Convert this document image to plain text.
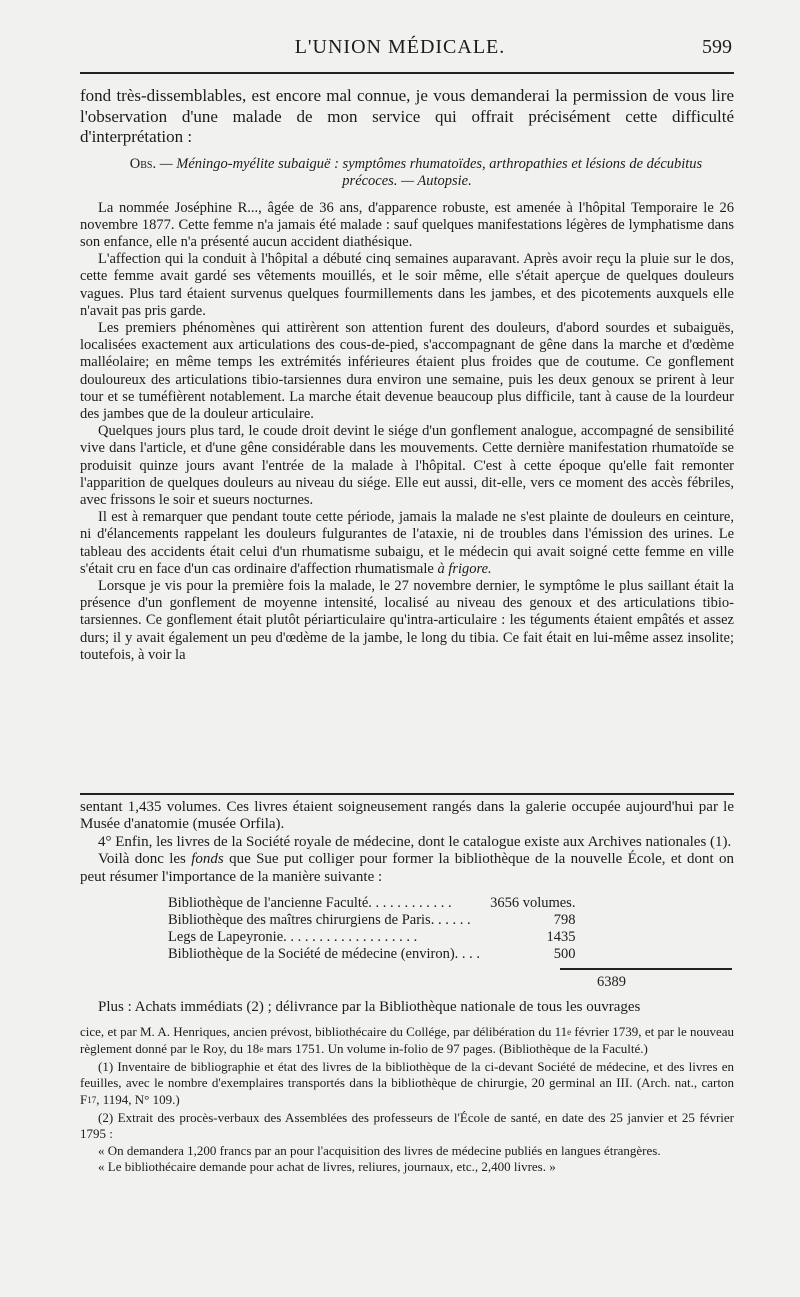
L'UNION MÉDICALE.	599

fond très-dissemblables, est encore mal connue, je vous demanderai la permission de vous lire l'observation d'une malade de mon service qui offrait précisément cette difficulté d'interprétation :

Obs. — Méningo-myélite subaiguë : symptômes rhumatoïdes, arthropathies et lésions de décubitus précoces. — Autopsie.

La nommée Joséphine R..., âgée de 36 ans, d'apparence robuste, est amenée à l'hôpital Temporaire le 26 novembre 1877. Cette femme n'a jamais été malade : sauf quelques manifestations légères de lymphatisme dans son enfance, elle n'a présenté aucun accident diathésique.

L'affection qui la conduit à l'hôpital a débuté cinq semaines auparavant. Après avoir reçu la pluie sur le dos, cette femme avait gardé ses vêtements mouillés, et le soir même, elle s'était aperçue de quelques douleurs vagues. Plus tard étaient survenus quelques fourmillements dans les jambes, et des picotements auxquels elle n'avait pas pris garde.

Les premiers phénomènes qui attirèrent son attention furent des douleurs, d'abord sourdes et subaiguës, localisées exactement aux articulations des cous-de-pied, s'accompagnant de gêne dans la marche et d'œdème malléolaire; en même temps les extrémités inférieures étaient plus froides que de coutume. Ce gonflement douloureux des articulations tibio-tarsiennes dura environ une semaine, puis les deux genoux se prirent à leur tour et se tuméfièrent notablement. La marche était devenue beaucoup plus difficile, tant à cause de la lourdeur des jambes que de la douleur articulaire.

Quelques jours plus tard, le coude droit devint le siége d'un gonflement analogue, accompagné de sensibilité vive dans l'article, et d'une gêne considérable dans les mouvements. Cette dernière manifestation rhumatoïde se produisit quinze jours avant l'entrée de la malade à l'hôpital. C'est à cette époque qu'elle fait remonter l'apparition de quelques douleurs au niveau du siége. Elle eut aussi, dit-elle, vers ce moment des accès fébriles, avec frissons le soir et sueurs nocturnes.

Il est à remarquer que pendant toute cette période, jamais la malade ne s'est plainte de douleurs en ceinture, ni d'élancements rappelant les douleurs fulgurantes de l'ataxie, ni de troubles dans l'émission des urines. Le tableau des accidents était celui d'un rhumatisme subaigu, et le médecin qui avait soigné cette femme en ville s'était cru en face d'un cas ordinaire d'affection rhumatismale à frigore.

Lorsque je vis pour la première fois la malade, le 27 novembre dernier, le symptôme le plus saillant était la présence d'un gonflement de moyenne intensité, localisé au niveau des genoux et des articulations tibio-tarsiennes. Ce gonflement était plutôt périarticulaire qu'intra-articulaire : les téguments étaient empâtés et assez durs; il y avait également un peu d'œdème de la jambe, le long du tibia. Ce fait était en lui-même assez insolite; toutefois, à voir la

sentant 1,435 volumes. Ces livres étaient soigneusement rangés dans la galerie occupée aujourd'hui par le Musée d'anatomie (musée Orfila).

4° Enfin, les livres de la Société royale de médecine, dont le catalogue existe aux Archives nationales (1).

Voilà donc les fonds que Sue put colliger pour former la bibliothèque de la nouvelle École, et dont on peut résumer l'importance de la manière suivante :

Bibliothèque de l'ancienne Faculté. . . . . . . . . . . .	3656 volumes.
Bibliothèque des maîtres chirurgiens de Paris. . . . . .	798
Legs de Lapeyronie. . . . . . . . . . . . . . . . . . .	1435
Bibliothèque de la Société de médecine (environ). . . .	500
6389

Plus : Achats immédiats (2) ; délivrance par la Bibliothèque nationale de tous les ouvrages

cice, et par M. A. Henriques, ancien prévost, bibliothécaire du Collége, par délibération du 11e février 1739, et par le nouveau règlement donné par le Roy, du 18e mars 1751. Un volume in-folio de 97 pages. (Bibliothèque de la Faculté.)

(1) Inventaire de bibliographie et état des livres de la bibliothèque de la ci-devant Société de médecine, et des livres en feuilles, avec le nombre d'exemplaires transportés dans la bibliothèque de chirurgie, 20 germinal an III. (Arch. nat., carton $F^{17}$, 1194, N° 109.)

(2) Extrait des procès-verbaux des Assemblées des professeurs de l'École de santé, en date des 25 janvier et 25 février 1795 :

« On demandera 1,200 francs par an pour l'acquisition des livres de médecine publiés en langues étrangères.

« Le bibliothécaire demande pour achat de livres, reliures, journaux, etc., 2,400 livres. »
